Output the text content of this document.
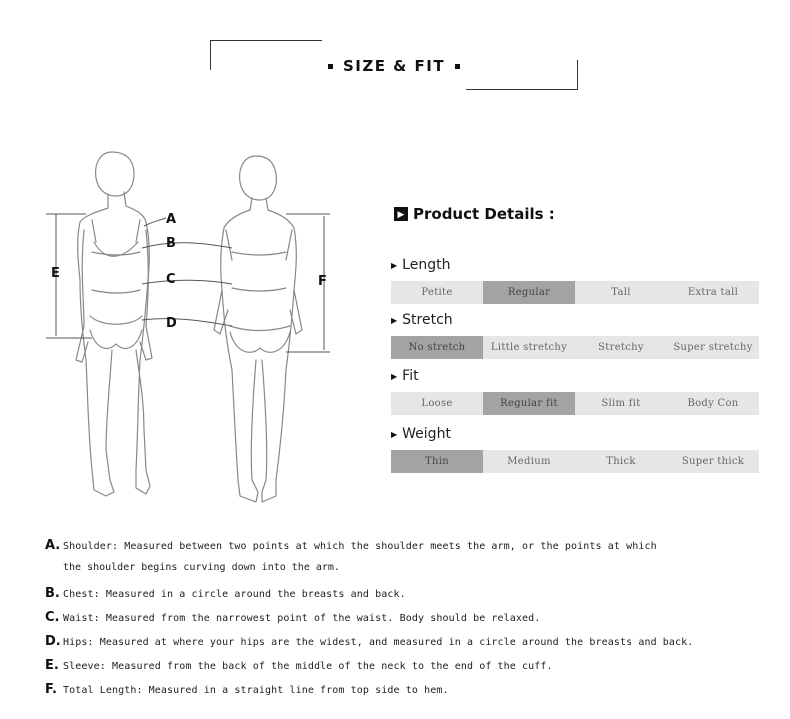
SIZE & FIT
A
B
C
D
E
F
▶ Product Details :
▶ Length
Petite	Regular	Tall	Extra tall
▶ Stretch
No stretch	Little stretchy	Stretchy	Super stretchy
▶ Fit
Loose	Regular fit	Slim fit	Body Con
▶ Weight
Thin	Medium	Thick	Super thick
A. Shoulder: Measured between two points at which the shoulder meets the arm, or the points at which
the shoulder begins curving down into the arm.
B. Chest: Measured in a circle around the breasts and back.
C. Waist: Measured from the narrowest point of the waist. Body should be relaxed.
D. Hips: Measured at where your hips are the widest, and measured in a circle around the breasts and back.
E. Sleeve: Measured from the back of the middle of the neck to the end of the cuff.
F. Total Length: Measured in a straight line from top side to hem.
